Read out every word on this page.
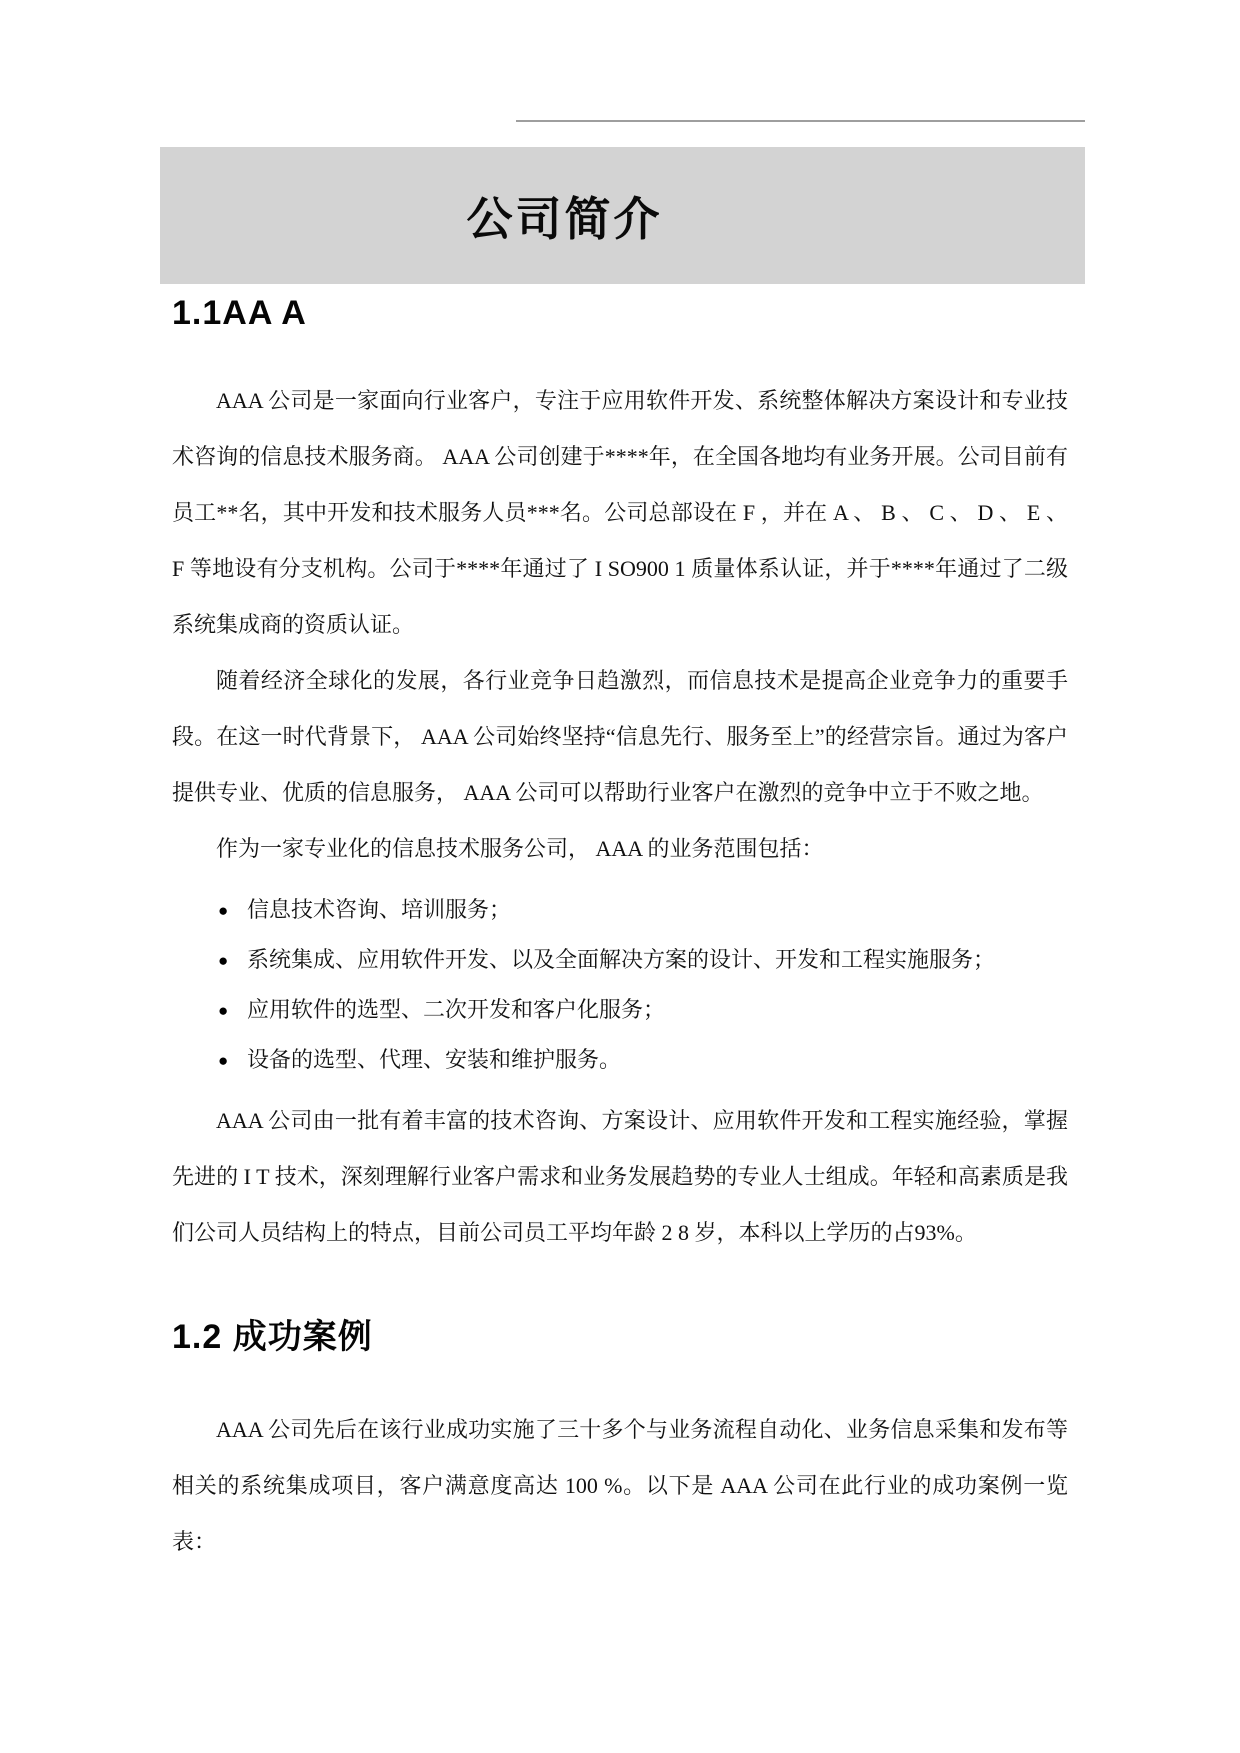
公司简介
1.1AA A

AAA 公司是一家面向行业客户，专注于应用软件开发、系统整体解决方案设计和专业技术咨询的信息技术服务商。 AAA 公司创建于****年，在全国各地均有业务开展。公司目前有员工**名，其中开发和技术服务人员***名。公司总部设在 F ，并在 A 、 B 、 C 、 D 、 E 、 F 等地设有分支机构。公司于****年通过了 I SO900 1 质量体系认证，并于****年通过了二级系统集成商的资质认证。

随着经济全球化的发展，各行业竞争日趋激烈，而信息技术是提高企业竞争力的重要手段。在这一时代背景下， AAA 公司始终坚持“信息先行、服务至上”的经营宗旨。通过为客户提供专业、优质的信息服务， AAA 公司可以帮助行业客户在激烈的竞争中立于不败之地。

作为一家专业化的信息技术服务公司， AAA 的业务范围包括：

● 信息技术咨询、培训服务；
● 系统集成、应用软件开发、以及全面解决方案的设计、开发和工程实施服务；
● 应用软件的选型、二次开发和客户化服务；
● 设备的选型、代理、安装和维护服务。

AAA 公司由一批有着丰富的技术咨询、方案设计、应用软件开发和工程实施经验，掌握先进的 I T 技术，深刻理解行业客户需求和业务发展趋势的专业人士组成。年轻和高素质是我们公司人员结构上的特点，目前公司员工平均年龄 2 8 岁，本科以上学历的占93%。

1.2 成功案例

AAA 公司先后在该行业成功实施了三十多个与业务流程自动化、业务信息采集和发布等相关的系统集成项目，客户满意度高达 100 %。以下是 AAA 公司在此行业的成功案例一览表：
